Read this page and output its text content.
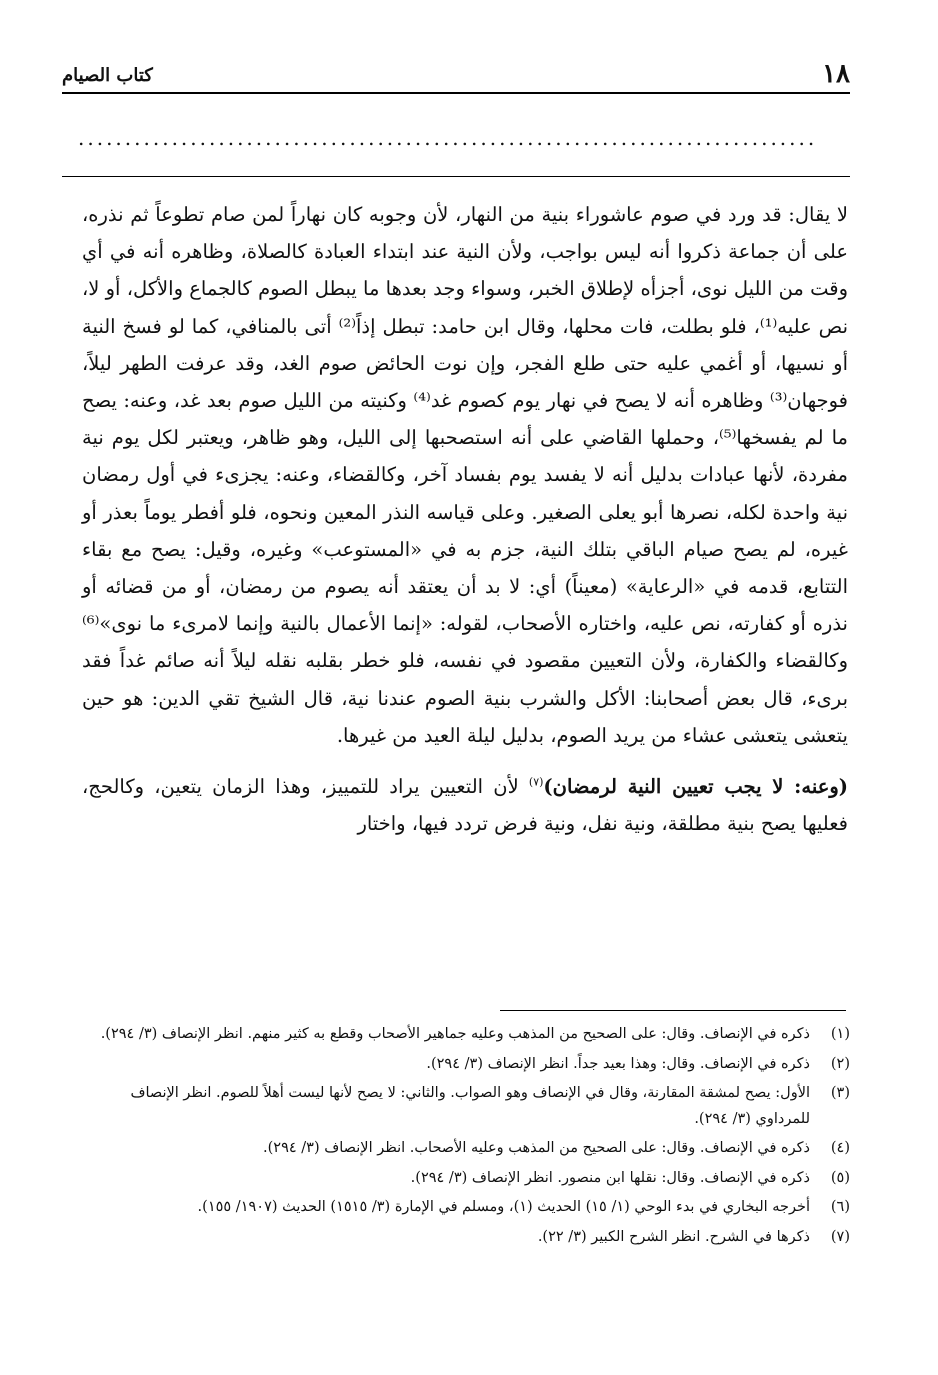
١٨
كتاب الصيام
...............................................................................

لا يقال: قد ورد في صوم عاشوراء بنية من النهار، لأن وجوبه كان نهاراً لمن صام تطوعاً ثم نذره، على أن جماعة ذكروا أنه ليس بواجب، ولأن النية عند ابتداء العبادة كالصلاة، وظاهره أنه في أي وقت من الليل نوى، أجزأه لإطلاق الخبر، وسواء وجد بعدها ما يبطل الصوم كالجماع والأكل، أو لا، نص عليه⁽¹⁾، فلو بطلت، فات محلها، وقال ابن حامد: تبطل إذاً⁽²⁾ أتى بالمنافي، كما لو فسخ النية أو نسيها، أو أغمي عليه حتى طلع الفجر، وإن نوت الحائض صوم الغد، وقد عرفت الطهر ليلاً، فوجهان⁽³⁾ وظاهره أنه لا يصح في نهار يوم كصوم غد⁽⁴⁾ وكنيته من الليل صوم بعد غد، وعنه: يصح ما لم يفسخها⁽⁵⁾، وحملها القاضي على أنه استصحبها إلى الليل، وهو ظاهر، ويعتبر لكل يوم نية مفردة، لأنها عبادات بدليل أنه لا يفسد يوم بفساد آخر، وكالقضاء، وعنه: يجزىء في أول رمضان نية واحدة لكله، نصرها أبو يعلى الصغير. وعلى قياسه النذر المعين ونحوه، فلو أفطر يوماً بعذر أو غيره، لم يصح صيام الباقي بتلك النية، جزم به في «المستوعب» وغيره، وقيل: يصح مع بقاء التتابع، قدمه في «الرعاية» (معيناً) أي: لا بد أن يعتقد أنه يصوم من رمضان، أو من قضائه أو نذره أو كفارته، نص عليه، واختاره الأصحاب، لقوله: «إنما الأعمال بالنية وإنما لامرىء ما نوى»⁽⁶⁾ وكالقضاء والكفارة، ولأن التعيين مقصود في نفسه، فلو خطر بقلبه نقله ليلاً أنه صائم غداً فقد برىء، قال بعض أصحابنا: الأكل والشرب بنية الصوم عندنا نية، قال الشيخ تقي الدين: هو حين يتعشى يتعشى عشاء من يريد الصوم، بدليل ليلة العيد من غيرها.

(وعنه: لا يجب تعيين النية لرمضان)$^{(٧)}$ لأن التعيين يراد للتمييز، وهذا الزمان يتعين، وكالحج، فعليها يصح بنية مطلقة، ونية نفل، ونية فرض تردد فيها، واختار

(١)
ذكره في الإنصاف. وقال: على الصحيح من المذهب وعليه جماهير الأصحاب وقطع به كثير منهم. انظر الإنصاف (٣/ ٢٩٤).
(٢)
ذكره في الإنصاف. وقال: وهذا بعيد جداً. انظر الإنصاف (٣/ ٢٩٤).
(٣)
الأول: يصح لمشقة المقارنة، وقال في الإنصاف وهو الصواب. والثاني: لا يصح لأنها ليست أهلاً للصوم. انظر الإنصاف للمرداوي (٣/ ٢٩٤).
(٤)
ذكره في الإنصاف. وقال: على الصحيح من المذهب وعليه الأصحاب. انظر الإنصاف (٣/ ٢٩٤).
(٥)
ذكره في الإنصاف. وقال: نقلها ابن منصور. انظر الإنصاف (٣/ ٢٩٤).
(٦)
أخرجه البخاري في بدء الوحي (١/ ١٥) الحديث (١)، ومسلم في الإمارة (٣/ ١٥١٥) الحديث (١٩٠٧/ ١٥٥).
(٧)
ذكرها في الشرح. انظر الشرح الكبير (٣/ ٢٢).
